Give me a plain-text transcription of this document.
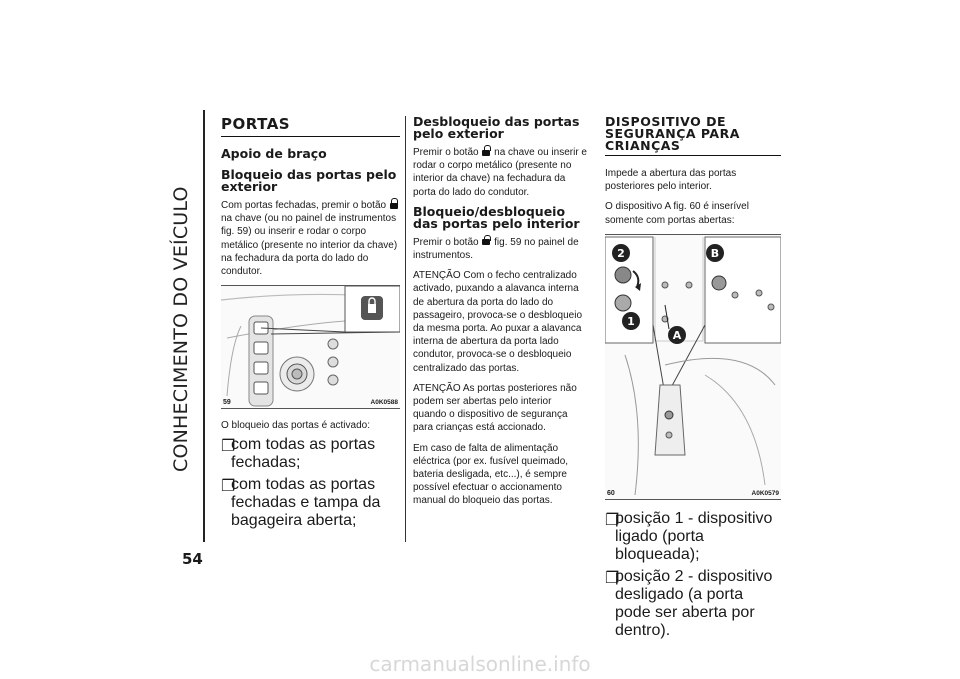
CONHECIMENTO DO VEÍCULO
54
PORTAS
Apoio de braço
Bloqueio das portas pelo exterior

Com portas fechadas, premir o botão  na chave (ou no painel de instrumentos fig. 59) ou inserir e rodar o corpo metálico (presente no interior da chave) na fechadura da porta do lado do condutor.

59	A0K0588

O bloqueio das portas é activado:

❐
com todas as portas fechadas;
❐
com todas as portas fechadas e tampa da bagageira aberta;
Desbloqueio das portas pelo exterior

Premir o botão na chave ou inserir e rodar o corpo metálico (presente no interior da chave) na fechadura da porta do lado do condutor.

Bloqueio/desbloqueio das portas pelo interior

Premir o botão fig. 59 no painel de instrumentos.

ATENÇÃO Com o fecho centralizado activado, puxando a alavanca interna de abertura da porta do lado do passageiro, provoca-se o desbloqueio da mesma porta. Ao puxar a alavanca interna de abertura da porta lado condutor, provoca-se o desbloqueio centralizado das portas.

ATENÇÃO As portas posteriores não podem ser abertas pelo interior quando o dispositivo de segurança para crianças está accionado.

Em caso de falta de alimentação eléctrica (por ex. fusível queimado, bateria desligada, etc...), é sempre possível efectuar o accionamento manual do bloqueio das portas.

DISPOSITIVO DE SEGURANÇA PARA CRIANÇAS

Impede a abertura das portas posteriores pelo interior.

O dispositivo A fig. 60 é inserível somente com portas abertas:

2	B
1
A
60	A0K0579
❐
posição 1 - dispositivo ligado (porta bloqueada);
❐
posição 2 - dispositivo desligado (a porta pode ser aberta por dentro).
carmanualsonline.info
